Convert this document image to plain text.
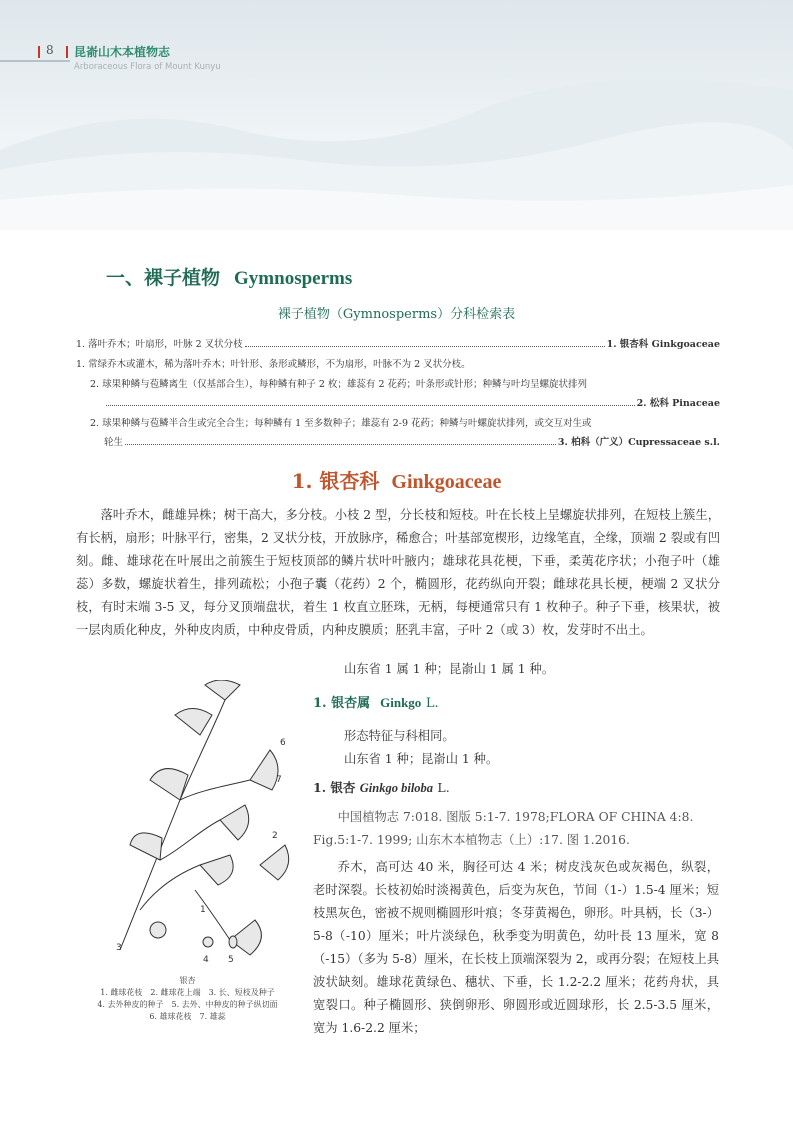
8 昆嵛山木本植物志
Arboraceous Flora of Mount Kunyu
一、裸子植物 Gymnosperms
裸子植物（Gymnosperms）分科检索表
1. 落叶乔木；叶扇形，叶脉 2 叉状分枝	1. 银杏科 Ginkgoaceae
1. 常绿乔木或灌木，稀为落叶乔木；叶针形、条形或鳞形，不为扇形，叶脉不为 2 叉状分枝。
2. 球果种鳞与苞鳞离生（仅基部合生），每种鳞有种子 2 枚；雄蕊有 2 花药；叶条形或针形；种鳞与叶均呈螺旋状排列
2. 松科 Pinaceae
2. 球果种鳞与苞鳞半合生或完全合生；每种鳞有 1 至多数种子；雄蕊有 2-9 花药；种鳞与叶螺旋状排列，或交互对生或
轮生	3. 柏科（广义）Cupressaceae s.l.
1. 银杏科 Ginkgoaceae
落叶乔木，雌雄异株；树干高大，多分枝。小枝 2 型，分长枝和短枝。叶在长枝上呈螺旋状排列，在短枝上簇生，有长柄，扇形；叶脉平行，密集，2 叉状分枝，开放脉序，稀愈合；叶基部宽楔形，边缘笔直，全缘，顶端 2 裂或有凹刻。雌、雄球花在叶展出之前簇生于短枝顶部的鳞片状叶叶腋内；雄球花具花梗，下垂，柔荑花序状；小孢子叶（雄蕊）多数，螺旋状着生，排列疏松；小孢子囊（花药）2 个，椭圆形，花药纵向开裂；雌球花具长梗，梗端 2 叉状分枝，有时末端 3-5 叉，每分叉顶端盘状，着生 1 枚直立胚珠，无柄，每梗通常只有 1 枚种子。种子下垂，核果状，被一层肉质化种皮，外种皮肉质，中种皮骨质，内种皮膜质；胚乳丰富，子叶 2（或 3）枚，发芽时不出土。
山东省 1 属 1 种；昆嵛山 1 属 1 种。
6
7
2
1
3
4 5
银杏
1. 雌球花枝　2. 雌球花上端　3. 长、短枝及种子
4. 去外种皮的种子　5. 去外、中种皮的种子纵切面
6. 雄球花枝　7. 雄蕊
1. 银杏属 Ginkgo L.
形态特征与科相同。
山东省 1 种；昆嵛山 1 种。
1. 银杏 Ginkgo biloba L.
中国植物志 7:018. 图版 5:1-7. 1978;FLORA OF CHINA 4:8. Fig.5:1-7. 1999; 山东木本植物志（上）:17. 图 1.2016.
乔木，高可达 40 米，胸径可达 4 米；树皮浅灰色或灰褐色，纵裂，老时深裂。长枝初始时淡褐黄色，后变为灰色，节间（1-）1.5-4 厘米；短枝黑灰色，密被不规则椭圆形叶痕；冬芽黄褐色，卵形。叶具柄，长（3-）5-8（-10）厘米；叶片淡绿色，秋季变为明黄色，幼叶長 13 厘米，宽 8（-15）（多为 5-8）厘米，在长枝上顶端深裂为 2，或再分裂；在短枝上具波状缺刻。雄球花黄绿色、穗状、下垂，长 1.2-2.2 厘米；花药舟状，具宽裂口。种子椭圆形、狭倒卵形、卵圆形或近圆球形，长 2.5-3.5 厘米，宽为 1.6-2.2 厘米；
